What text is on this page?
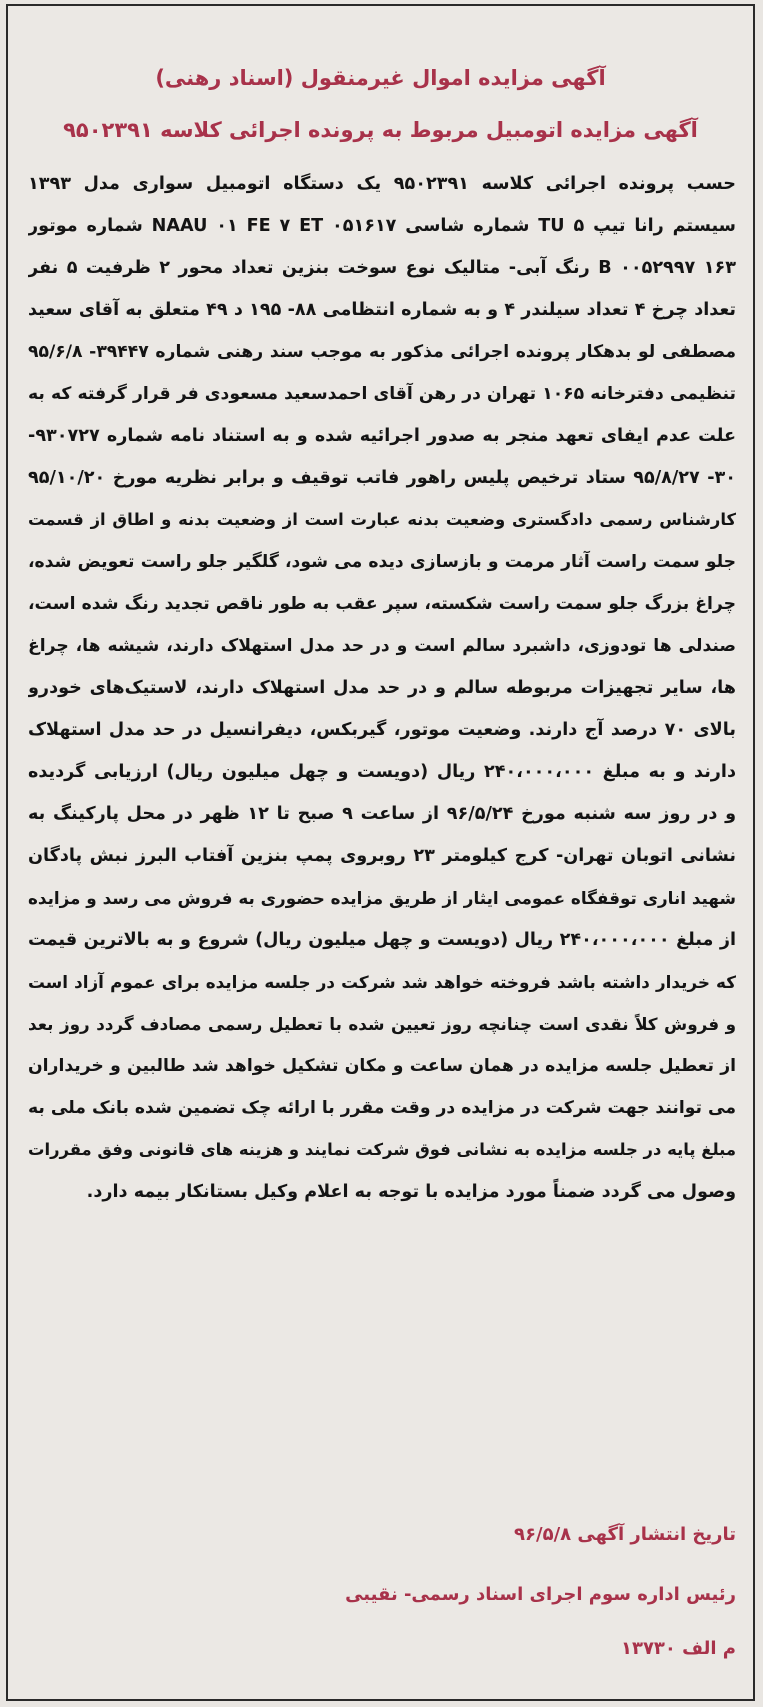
آگهی مزایده اموال غیرمنقول (اسناد رهنی)
آگهی مزایده اتومبیل مربوط به پرونده اجرائی کلاسه ۹۵۰۲۳۹۱
حسب پرونده اجرائی کلاسه ۹۵۰۲۳۹۱ یک دستگاه اتومبیل سواری مدل ۱۳۹۳
سیستم رانا تیپ ۵ TU شماره شاسی NAAU ۰۱ FE ۷ ET ۰۵۱۶۱۷ شماره موتور
۱۶۳ B ۰۰۵۲۹۹۷ رنگ آبی- متالیک نوع سوخت بنزین تعداد محور ۲ ظرفیت ۵ نفر
تعداد چرخ ۴ تعداد سیلندر ۴ و به شماره انتظامی ۸۸- ۱۹۵ د ۴۹ متعلق به آقای سعید
مصطفی لو بدهکار پرونده اجرائی مذکور به موجب سند رهنی شماره ۳۹۴۴۷- ۹۵/۶/۸
تنظیمی دفترخانه ۱۰۶۵ تهران در رهن آقای احمدسعید مسعودی فر قرار گرفته که به
علت عدم ایفای تعهد منجر به صدور اجرائیه شده و به استناد نامه شماره ۹۳۰۷۲۷-
۳۰- ۹۵/۸/۲۷ ستاد ترخیص پلیس راهور فاتب توقیف و برابر نظریه مورخ ۹۵/۱۰/۲۰
کارشناس رسمی دادگستری وضعیت بدنه عبارت است از وضعیت بدنه و اطاق از قسمت
جلو سمت راست آثار مرمت و بازسازی دیده می شود، گلگیر جلو راست تعویض شده،
چراغ بزرگ جلو سمت راست شکسته، سپر عقب به طور ناقص تجدید رنگ شده است،
صندلی ها تودوزی، داشبرد سالم است و در حد مدل استهلاک دارند، شیشه ها، چراغ
ها، سایر تجهیزات مربوطه سالم و در حد مدل استهلاک دارند، لاستیک‌های خودرو
بالای ۷۰ درصد آج دارند. وضعیت موتور، گیربکس، دیفرانسیل در حد مدل استهلاک
دارند و به مبلغ ۲۴۰،۰۰۰،۰۰۰ ریال (دویست و چهل میلیون ریال) ارزیابی گردیده
و در روز سه شنبه مورخ ۹۶/۵/۲۴ از ساعت ۹ صبح تا ۱۲ ظهر در محل پارکینگ به
نشانی اتوبان تهران- کرج کیلومتر ۲۳ روبروی پمپ بنزین آفتاب البرز نبش پادگان
شهید اناری توقفگاه عمومی ایثار از طریق مزایده حضوری به فروش می رسد و مزایده
از مبلغ ۲۴۰،۰۰۰،۰۰۰ ریال (دویست و چهل میلیون ریال) شروع و به بالاترین قیمت
که خریدار داشته باشد فروخته خواهد شد شرکت در جلسه مزایده برای عموم آزاد است
و فروش کلاً نقدی است چنانچه روز تعیین شده با تعطیل رسمی مصادف گردد روز بعد
از تعطیل جلسه مزایده در همان ساعت و مکان تشکیل خواهد شد طالبین و خریداران
می توانند جهت شرکت در مزایده در وقت مقرر با ارائه چک تضمین شده بانک ملی به
مبلغ پایه در جلسه مزایده به نشانی فوق شرکت نمایند و هزینه های قانونی وفق مقررات
وصول می گردد ضمناً مورد مزایده با توجه به اعلام وکیل بستانکار بیمه دارد.
تاریخ انتشار آگهی ۹۶/۵/۸
رئیس اداره سوم اجرای اسناد رسمی- نقیبی
م الف ۱۳۷۳۰
